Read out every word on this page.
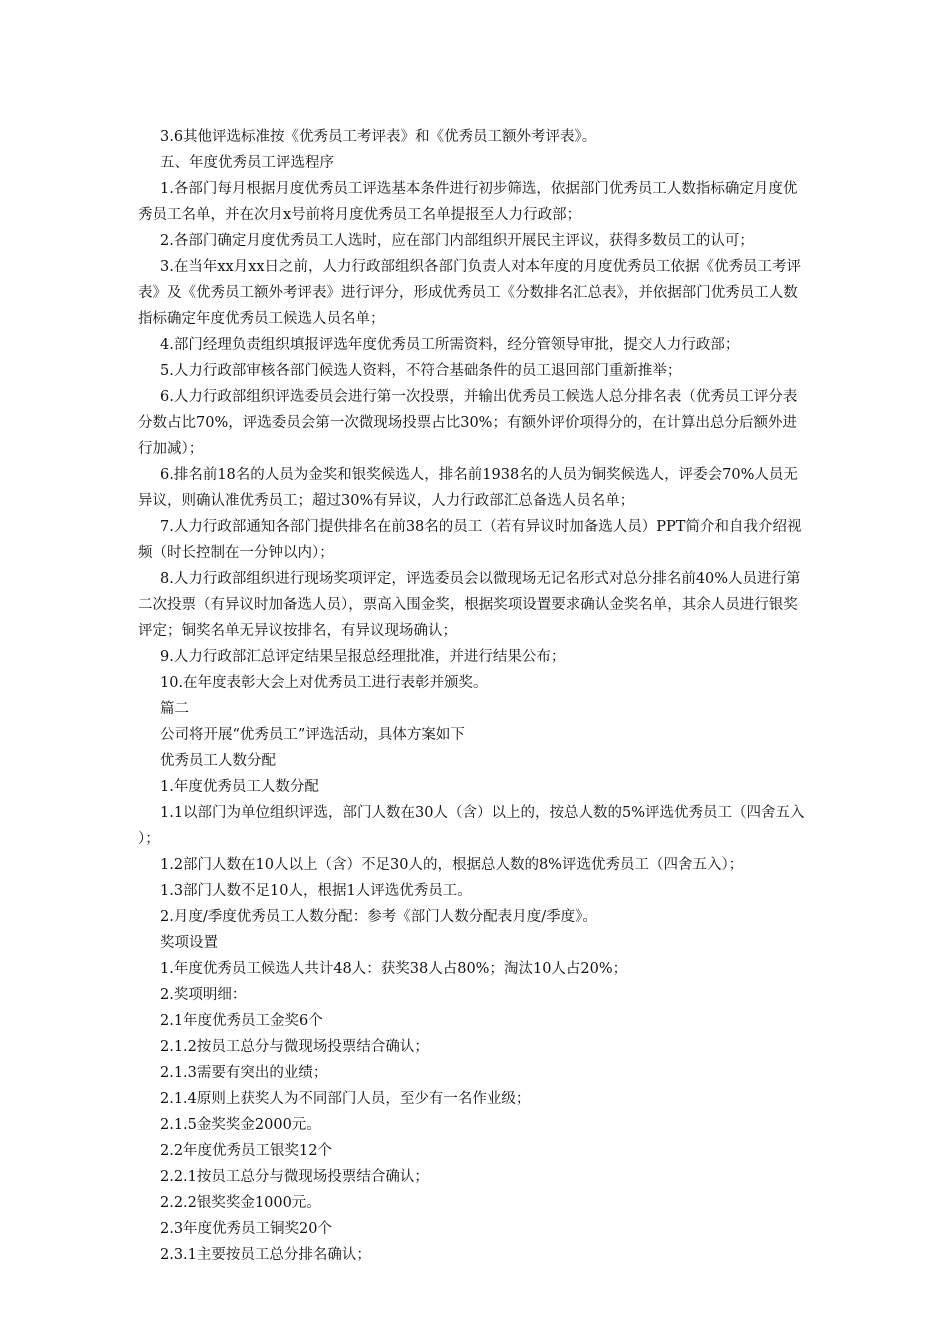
3.6其他评选标准按《优秀员工考评表》和《优秀员工额外考评表》。

五、年度优秀员工评选程序

1.各部门每月根据月度优秀员工评选基本条件进行初步筛选，依据部门优秀员工人数指标确定月度优秀员工名单，并在次月x号前将月度优秀员工名单提报至人力行政部；

2.各部门确定月度优秀员工人选时，应在部门内部组织开展民主评议，获得多数员工的认可；

3.在当年xx月xx日之前，人力行政部组织各部门负责人对本年度的月度优秀员工依据《优秀员工考评表》及《优秀员工额外考评表》进行评分，形成优秀员工《分数排名汇总表》，并依据部门优秀员工人数指标确定年度优秀员工候选人员名单；

4.部门经理负责组织填报评选年度优秀员工所需资料，经分管领导审批，提交人力行政部；

5.人力行政部审核各部门候选人资料，不符合基础条件的员工退回部门重新推举；

6.人力行政部组织评选委员会进行第一次投票，并输出优秀员工候选人总分排名表（优秀员工评分表分数占比70%，评选委员会第一次微现场投票占比30%；有额外评价项得分的，在计算出总分后额外进行加减）；

6.排名前18名的人员为金奖和银奖候选人，排名前1938名的人员为铜奖候选人，评委会70%人员无异议，则确认准优秀员工；超过30%有异议，人力行政部汇总备选人员名单；

7.人力行政部通知各部门提供排名在前38名的员工（若有异议时加备选人员）PPT简介和自我介绍视频（时长控制在一分钟以内）；

8.人力行政部组织进行现场奖项评定，评选委员会以微现场无记名形式对总分排名前40%人员进行第二次投票（有异议时加备选人员），票高入围金奖，根据奖项设置要求确认金奖名单，其余人员进行银奖评定；铜奖名单无异议按排名，有异议现场确认；

9.人力行政部汇总评定结果呈报总经理批准，并进行结果公布；

10.在年度表彰大会上对优秀员工进行表彰并颁奖。

篇二

公司将开展“优秀员工”评选活动，具体方案如下

优秀员工人数分配

1.年度优秀员工人数分配

1.1以部门为单位组织评选，部门人数在30人（含）以上的，按总人数的5%评选优秀员工（四舍五入）；

1.2部门人数在10人以上（含）不足30人的，根据总人数的8%评选优秀员工（四舍五入）；

1.3部门人数不足10人，根据1人评选优秀员工。

2.月度/季度优秀员工人数分配：参考《部门人数分配表月度/季度》。

奖项设置

1.年度优秀员工候选人共计48人：获奖38人占80%；淘汰10人占20%；

2.奖项明细：

2.1年度优秀员工金奖6个

2.1.2按员工总分与微现场投票结合确认；

2.1.3需要有突出的业绩；

2.1.4原则上获奖人为不同部门人员，至少有一名作业级；

2.1.5金奖奖金2000元。

2.2年度优秀员工银奖12个

2.2.1按员工总分与微现场投票结合确认；

2.2.2银奖奖金1000元。

2.3年度优秀员工铜奖20个

2.3.1主要按员工总分排名确认；
